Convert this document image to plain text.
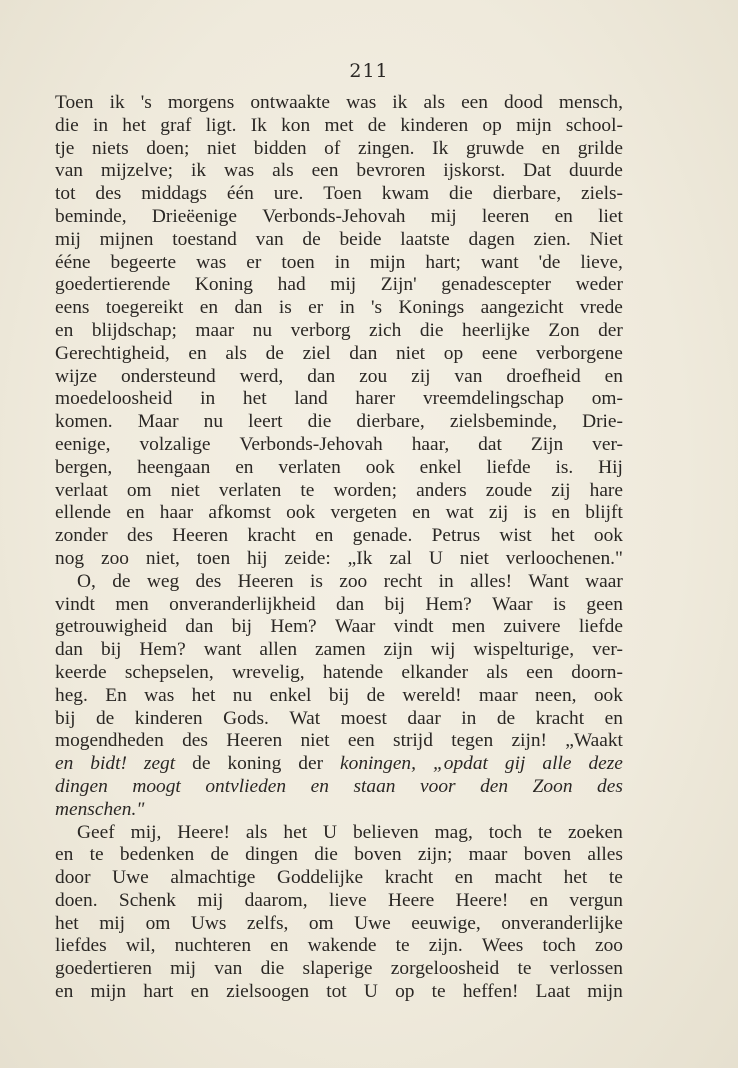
211
Toen ik 's morgens ontwaakte was ik als een dood mensch,
die in het graf ligt. Ik kon met de kinderen op mijn school-
tje niets doen; niet bidden of zingen. Ik gruwde en grilde
van mijzelve; ik was als een bevroren ijskorst. Dat duurde
tot des middags één ure. Toen kwam die dierbare, ziels-
beminde, Drieëenige Verbonds-Jehovah mij leeren en liet
mij mijnen toestand van de beide laatste dagen zien. Niet
ééne begeerte was er toen in mijn hart; want 'de lieve,
goedertierende Koning had mij Zijn' genadescepter weder
eens toegereikt en dan is er in 's Konings aangezicht vrede
en blijdschap; maar nu verborg zich die heerlijke Zon der
Gerechtigheid, en als de ziel dan niet op eene verborgene
wijze ondersteund werd, dan zou zij van droefheid en
moedeloosheid in het land harer vreemdelingschap om-
komen. Maar nu leert die dierbare, zielsbeminde, Drie-
eenige, volzalige Verbonds-Jehovah haar, dat Zijn ver-
bergen, heengaan en verlaten ook enkel liefde is. Hij
verlaat om niet verlaten te worden; anders zoude zij hare
ellende en haar afkomst ook vergeten en wat zij is en blijft
zonder des Heeren kracht en genade. Petrus wist het ook
nog zoo niet, toen hij zeide: „Ik zal U niet verloochenen."
O, de weg des Heeren is zoo recht in alles! Want waar
vindt men onveranderlijkheid dan bij Hem? Waar is geen
getrouwigheid dan bij Hem? Waar vindt men zuivere liefde
dan bij Hem? want allen zamen zijn wij wispelturige, ver-
keerde schepselen, wrevelig, hatende elkander als een doorn-
heg. En was het nu enkel bij de wereld! maar neen, ook
bij de kinderen Gods. Wat moest daar in de kracht en
mogendheden des Heeren niet een strijd tegen zijn! „Waakt
en bidt! zegt de koning der koningen, „opdat gij alle deze
dingen moogt ontvlieden en staan voor den Zoon des
menschen."
Geef mij, Heere! als het U believen mag, toch te zoeken
en te bedenken de dingen die boven zijn; maar boven alles
door Uwe almachtige Goddelijke kracht en macht het te
doen. Schenk mij daarom, lieve Heere Heere! en vergun
het mij om Uws zelfs, om Uwe eeuwige, onveranderlijke
liefdes wil, nuchteren en wakende te zijn. Wees toch zoo
goedertieren mij van die slaperige zorgeloosheid te verlossen
en mijn hart en zielsoogen tot U op te heffen! Laat mijn
